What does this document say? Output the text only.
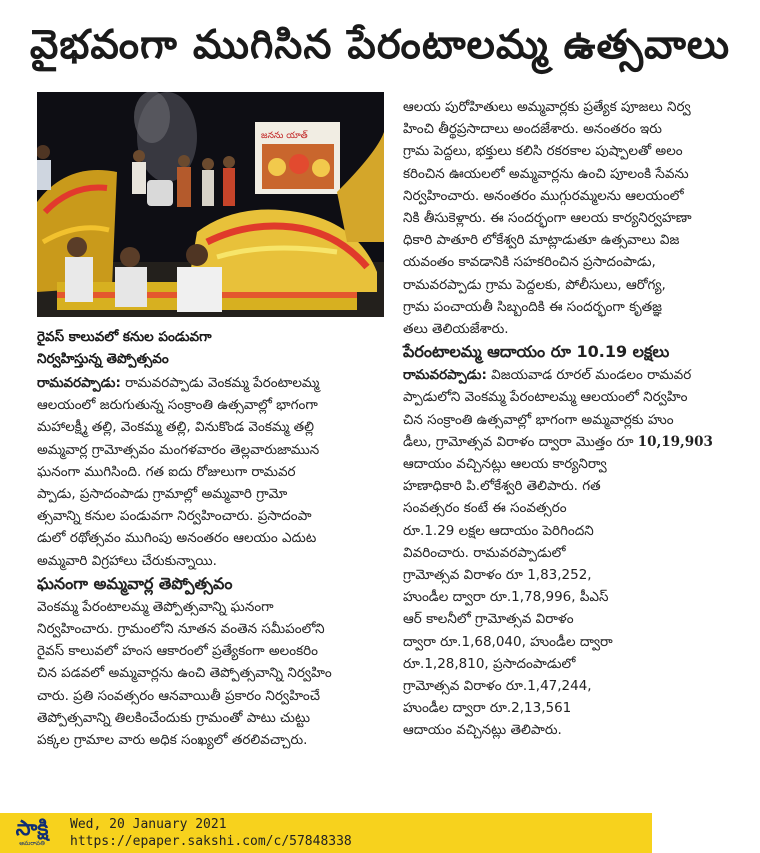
వైభవంగా ముగిసిన పేరంటాలమ్మ ఉత్సవాలు
జనను యాత్
రైవస్ కాలువలో కనుల పండువగా
నిర్వహిస్తున్న తెప్పోత్సవం
రామవరప్పాడు: రామవరప్పాడు వెంకమ్మ పేరంటాలమ్మ
ఆలయంలో జరుగుతున్న సంక్రాంతి ఉత్సవాల్లో భాగంగా
మహాలక్ష్మీ తల్లి, వెంకమ్మ తల్లి, వినుకొండ వెంకమ్మ తల్లి
అమ్మవార్ల గ్రామోత్సవం మంగళవారం తెల్లవారుజామున
ఘనంగా ముగిసింది. గత ఐదు రోజులుగా రామవర
ప్పాడు, ప్రసాదంపాడు గ్రామాల్లో అమ్మవారి గ్రామో
త్సవాన్ని కనుల పండువగా నిర్వహించారు. ప్రసాదంపా
డులో రథోత్సవం ముగింపు అనంతరం ఆలయం ఎదుట
అమ్మవారి విగ్రహాలు చేరుకున్నాయి.
ఘనంగా అమ్మవార్ల తెప్పోత్సవం
వెంకమ్మ పేరంటాలమ్మ తెప్పోత్సవాన్ని ఘనంగా
నిర్వహించారు. గ్రామంలోని నూతన వంతెన సమీపంలోని
రైవస్ కాలువలో హంస ఆకారంలో ప్రత్యేకంగా అలంకరిం
చిన పడవలో అమ్మవార్లను ఉంచి తెప్పోత్సవాన్ని నిర్వహిం
చారు. ప్రతి సంవత్సరం ఆనవాయితీ ప్రకారం నిర్వహించే
తెప్పోత్సవాన్ని తిలకించేందుకు గ్రామంతో పాటు చుట్టు
పక్కల గ్రామాల వారు అధిక సంఖ్యలో తరలివచ్చారు.
ఆలయ పురోహితులు అమ్మవార్లకు ప్రత్యేక పూజలు నిర్వ
హించి తీర్థప్రసాదాలు అందజేశారు. అనంతరం ఇరు
గ్రామ పెద్దలు, భక్తులు కలిసి రకరకాల పుష్పాలతో అలం
కరించిన ఊయలలో అమ్మవార్లను ఉంచి పూలంకి సేవను
నిర్వహించారు. అనంతరం ముగ్గురమ్మలను ఆలయంలో
నికి తీసుకెళ్లారు. ఈ సందర్భంగా ఆలయ కార్యనిర్వహణా
ధికారి పాతూరి లోకేశ్వరి మాట్లాడుతూ ఉత్సవాలు విజ
యవంతం కావడానికి సహకరించిన ప్రసాదంపాడు,
రామవరప్పాడు గ్రామ పెద్దలకు, పోలీసులు, ఆరోగ్య,
గ్రామ పంచాయతీ సిబ్బందికి ఈ సందర్భంగా కృతజ్ఞ
తలు తెలియజేశారు.
పేరంటాలమ్మ ఆదాయం రూ 10.19 లక్షలు
రామవరప్పాడు: విజయవాడ రూరల్ మండలం రామవర
ప్పాడులోని వెంకమ్మ పేరంటాలమ్మ ఆలయంలో నిర్వహిం
చిన సంక్రాంతి ఉత్సవాల్లో భాగంగా అమ్మవార్లకు హుం
డీలు, గ్రామోత్సవ విరాళం ద్వారా మొత్తం రూ 10,19,903
ఆదాయం వచ్చినట్లు ఆలయ కార్యనిర్వా
హణాధికారి పి.లోకేశ్వరి తెలిపారు. గత
సంవత్సరం కంటే ఈ సంవత్సరం
రూ.1.29 లక్షల ఆదాయం పెరిగిందని
వివరించారు. రామవరప్పాడులో
గ్రామోత్సవ విరాళం రూ 1,83,252,
హుండీల ద్వారా రూ.1,78,996, పీఎస్
ఆర్ కాలనీలో గ్రామోత్సవ విరాళం
ద్వారా రూ.1,68,040, హుండీల ద్వారా
రూ.1,28,810, ప్రసాదంపాడులో
గ్రామోత్సవ విరాళం రూ.1,47,244,
హుండీల ద్వారా రూ.2,13,561
ఆదాయం వచ్చినట్లు తెలిపారు.
సాక్షి
అమరావతి
Wed, 20 January 2021
https://epaper.sakshi.com/c/57848338
